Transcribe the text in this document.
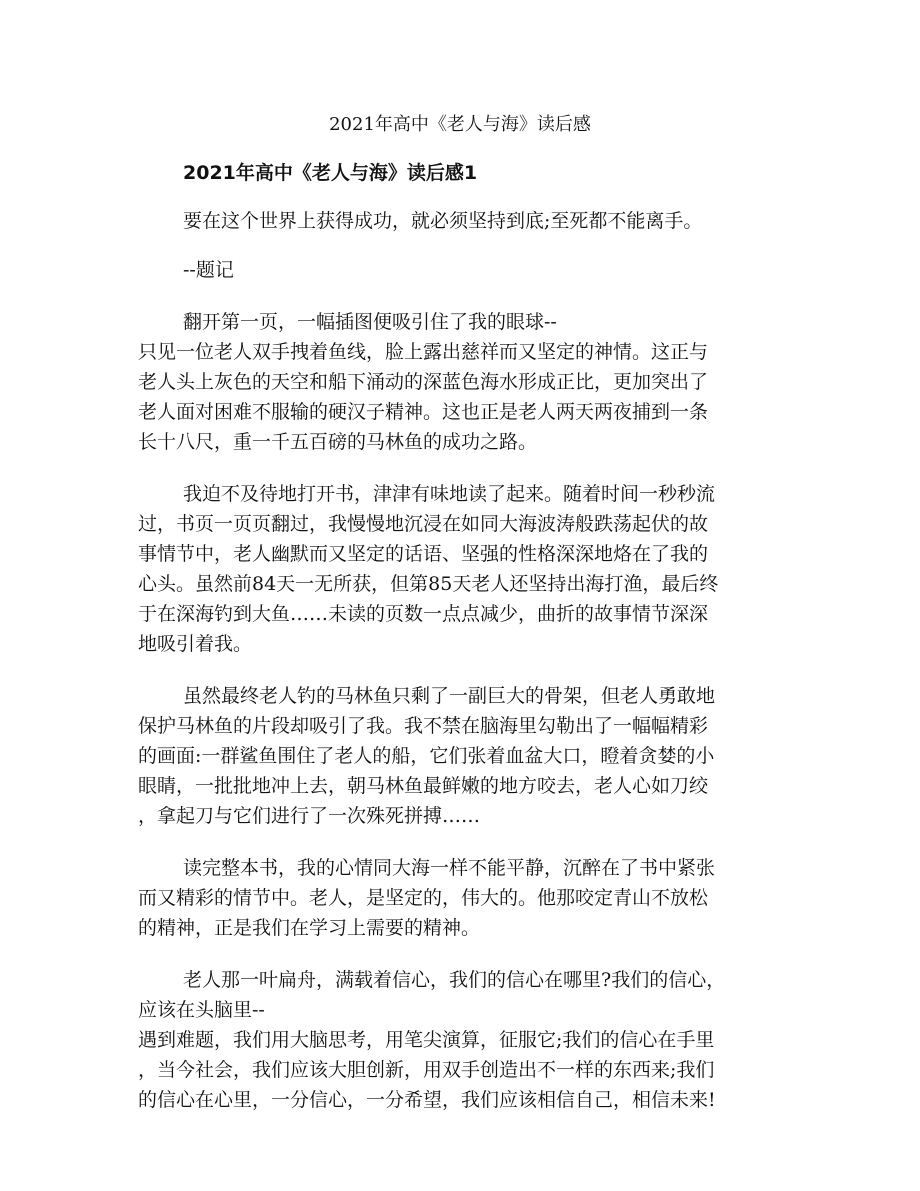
2021年高中《老人与海》读后感
2021年高中《老人与海》读后感1

要在这个世界上获得成功，就必须坚持到底;至死都不能离手。

--题记

翻开第一页，一幅插图便吸引住了我的眼球--

只见一位老人双手拽着鱼线，脸上露出慈祥而又坚定的神情。这正与

老人头上灰色的天空和船下涌动的深蓝色海水形成正比，更加突出了

老人面对困难不服输的硬汉子精神。这也正是老人两天两夜捕到一条

长十八尺，重一千五百磅的马林鱼的成功之路。

我迫不及待地打开书，津津有味地读了起来。随着时间一秒秒流

过，书页一页页翻过，我慢慢地沉浸在如同大海波涛般跌荡起伏的故

事情节中，老人幽默而又坚定的话语、坚强的性格深深地烙在了我的

心头。虽然前84天一无所获，但第85天老人还坚持出海打渔，最后终

于在深海钓到大鱼……未读的页数一点点减少，曲折的故事情节深深

地吸引着我。

虽然最终老人钓的马林鱼只剩了一副巨大的骨架，但老人勇敢地

保护马林鱼的片段却吸引了我。我不禁在脑海里勾勒出了一幅幅精彩

的画面:一群鲨鱼围住了老人的船，它们张着血盆大口，瞪着贪婪的小

眼睛，一批批地冲上去，朝马林鱼最鲜嫩的地方咬去，老人心如刀绞

，拿起刀与它们进行了一次殊死拼搏……

读完整本书，我的心情同大海一样不能平静，沉醉在了书中紧张

而又精彩的情节中。老人，是坚定的，伟大的。他那咬定青山不放松

的精神，正是我们在学习上需要的精神。

老人那一叶扁舟，满载着信心，我们的信心在哪里?我们的信心，

应该在头脑里--

遇到难题，我们用大脑思考，用笔尖演算，征服它;我们的信心在手里

，当今社会，我们应该大胆创新，用双手创造出不一样的东西来;我们

的信心在心里，一分信心，一分希望，我们应该相信自己，相信未来!
